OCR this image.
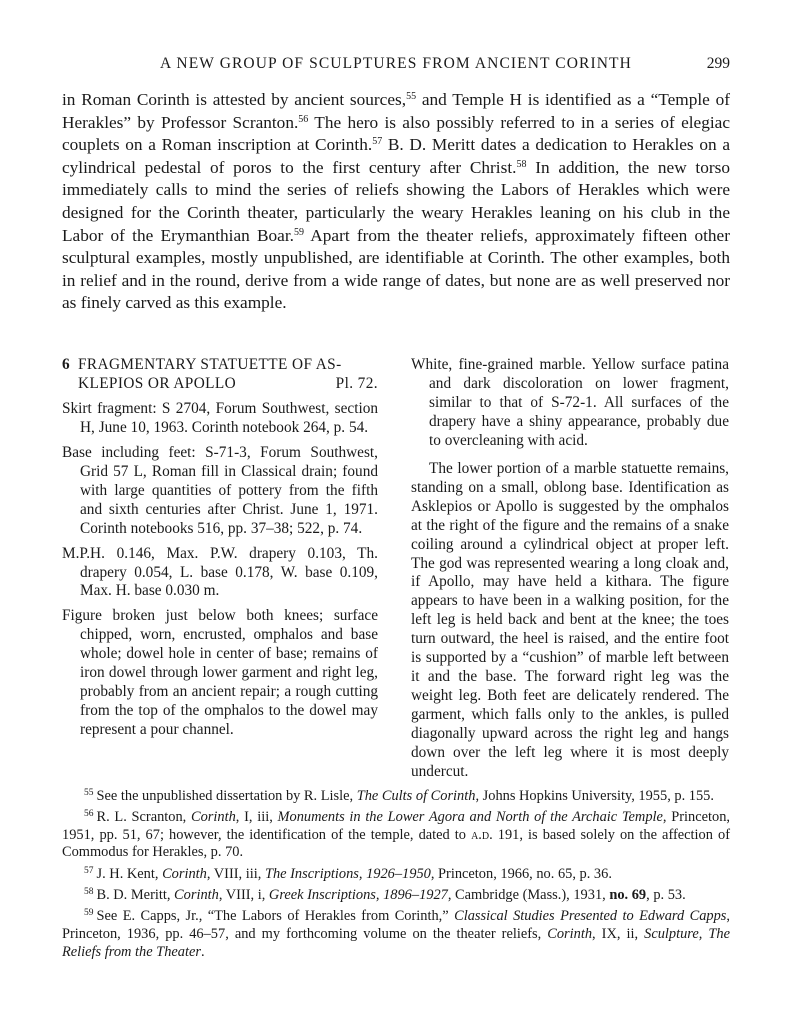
A NEW GROUP OF SCULPTURES FROM ANCIENT CORINTH	299

in Roman Corinth is attested by ancient sources,$^{55}$ and Temple H is identified as a “Temple of Herakles” by Professor Scranton.$^{56}$ The hero is also possibly referred to in a series of elegiac couplets on a Roman inscription at Corinth.$^{57}$ B. D. Meritt dates a dedication to Herakles on a cylindrical pedestal of poros to the first century after Christ.$^{58}$ In addition, the new torso immediately calls to mind the series of reliefs showing the Labors of Herakles which were designed for the Corinth theater, particularly the weary Herakles leaning on his club in the Labor of the Erymanthian Boar.$^{59}$ Apart from the theater reliefs, approximately fifteen other sculptural examples, mostly unpublished, are identifiable at Corinth. The other examples, both in relief and in the round, derive from a wide range of dates, but none are as well preserved nor as finely carved as this example.

6 FRAGMENTARY STATUETTE OF AS-
KLEPIOS OR APOLLO	Pl. 72.

Skirt fragment: S 2704, Forum Southwest, section H, June 10, 1963. Corinth notebook 264, p. 54.

Base including feet: S-71-3, Forum Southwest, Grid 57 L, Roman fill in Classical drain; found with large quantities of pottery from the fifth and sixth centuries after Christ. June 1, 1971. Corinth notebooks 516, pp. 37–38; 522, p. 74.

M.P.H. 0.146, Max. P.W. drapery 0.103, Th. drapery 0.054, L. base 0.178, W. base 0.109, Max. H. base 0.030 m.

Figure broken just below both knees; surface chipped, worn, encrusted, omphalos and base whole; dowel hole in center of base; remains of iron dowel through lower garment and right leg, probably from an ancient repair; a rough cutting from the top of the omphalos to the dowel may represent a pour channel.

White, fine-grained marble. Yellow surface patina and dark discoloration on lower fragment, similar to that of S-72-1. All surfaces of the drapery have a shiny appearance, probably due to overcleaning with acid.

The lower portion of a marble statuette remains, standing on a small, oblong base. Identification as Asklepios or Apollo is suggested by the omphalos at the right of the figure and the remains of a snake coiling around a cylindrical object at proper left. The god was represented wearing a long cloak and, if Apollo, may have held a kithara. The figure appears to have been in a walking position, for the left leg is held back and bent at the knee; the toes turn outward, the heel is raised, and the entire foot is supported by a “cushion” of marble left between it and the base. The forward right leg was the weight leg. Both feet are delicately rendered. The garment, which falls only to the ankles, is pulled diagonally upward across the right leg and hangs down over the left leg where it is most deeply undercut.

$^{55}$ See the unpublished dissertation by R. Lisle, The Cults of Corinth, Johns Hopkins University, 1955, p. 155.

$^{56}$ R. L. Scranton, Corinth, I, iii, Monuments in the Lower Agora and North of the Archaic Temple, Princeton, 1951, pp. 51, 67; however, the identification of the temple, dated to a.d. 191, is based solely on the affection of Commodus for Herakles, p. 70.

$^{57}$ J. H. Kent, Corinth, VIII, iii, The Inscriptions, 1926–1950, Princeton, 1966, no. 65, p. 36.

$^{58}$ B. D. Meritt, Corinth, VIII, i, Greek Inscriptions, 1896–1927, Cambridge (Mass.), 1931, no. 69, p. 53.

$^{59}$ See E. Capps, Jr., “The Labors of Herakles from Corinth,” Classical Studies Presented to Edward Capps, Princeton, 1936, pp. 46–57, and my forthcoming volume on the theater reliefs, Corinth, IX, ii, Sculpture, The Reliefs from the Theater.
